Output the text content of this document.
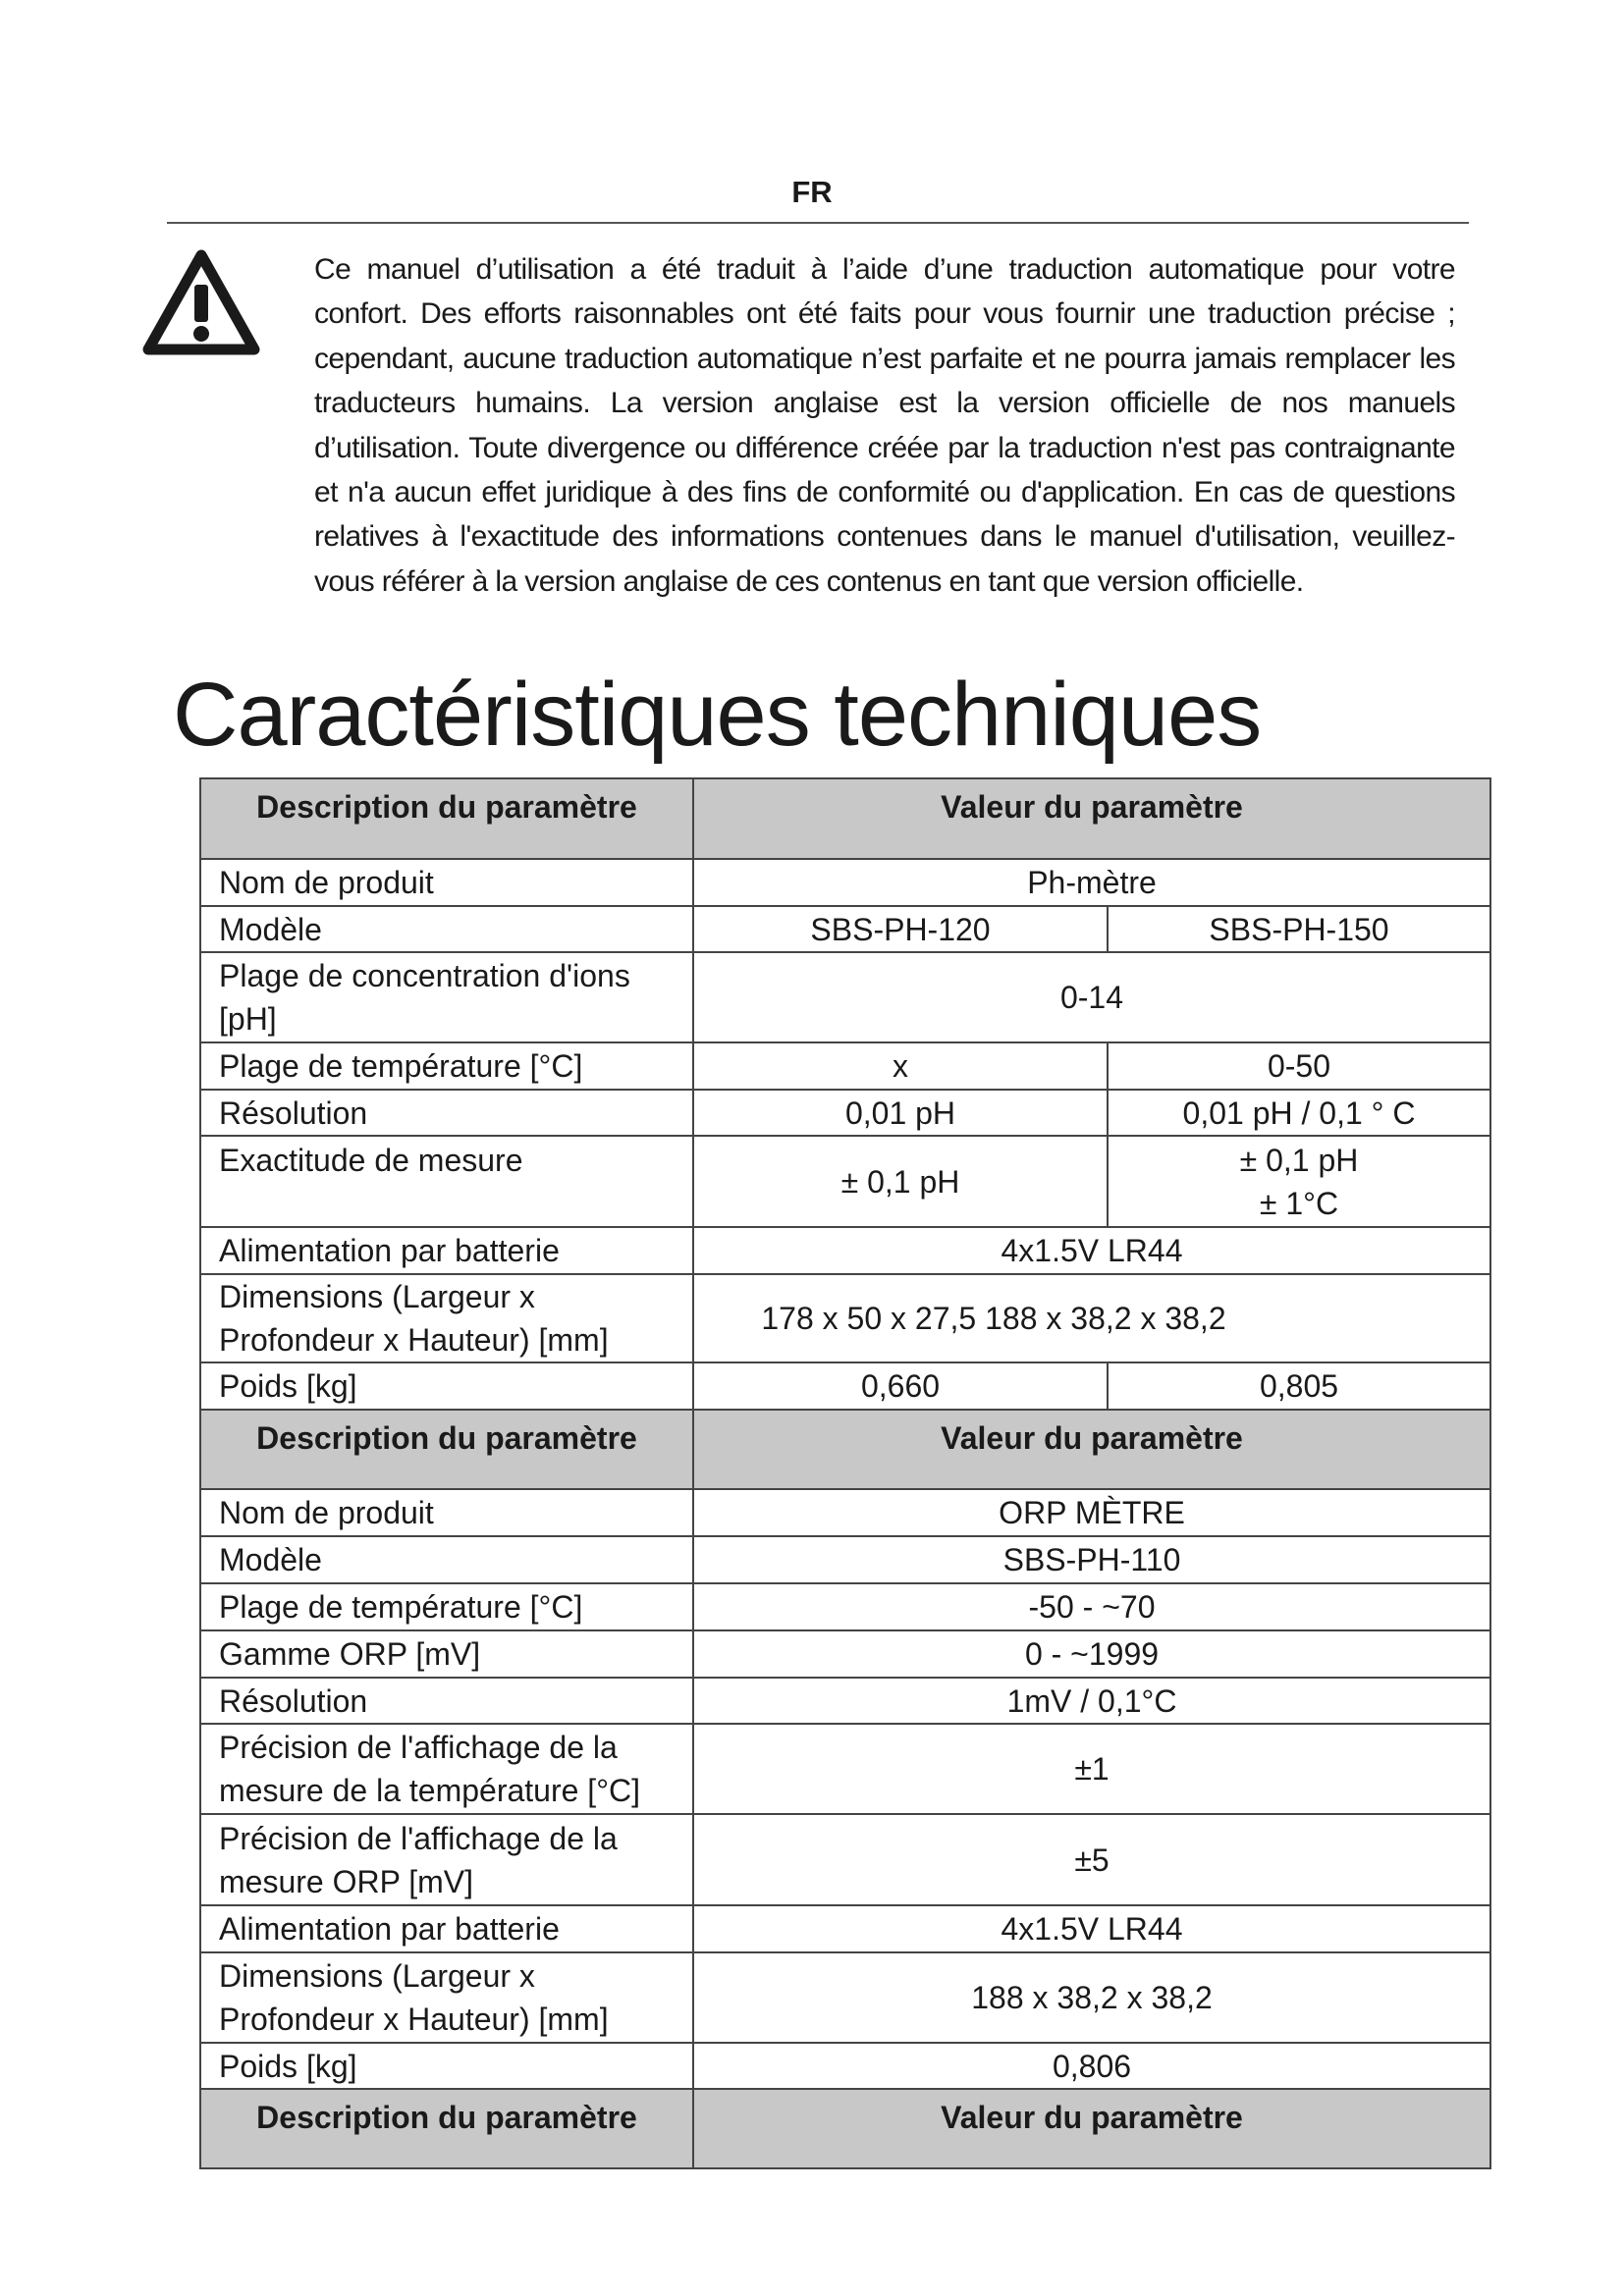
FR
Ce manuel d’utilisation a été traduit à l’aide d’une traduction automatique pour votre confort. Des efforts raisonnables ont été faits pour vous fournir une traduction précise ; cependant, aucune traduction automatique n’est parfaite et ne pourra jamais remplacer les traducteurs humains. La version anglaise est la version officielle de nos manuels d’utilisation. Toute divergence ou différence créée par la traduction n'est pas contraignante et n'a aucun effet juridique à des fins de conformité ou d'application. En cas de questions relatives à l'exactitude des informations contenues dans le manuel d'utilisation, veuillez-vous référer à la version anglaise de ces contenus en tant que version officielle.
Caractéristiques techniques
Description du paramètre	Valeur du paramètre	
Nom de produit	Ph-mètre	
Modèle	SBS-PH-120	SBS-PH-150
Plage de concentration d'ions [pH]	0-14	
Plage de température [°C]	x	0-50
Résolution	0,01 pH	0,01 pH / 0,1 ° C
Exactitude de mesure	± 0,1 pH	± 0,1 pH
± 1°C
Alimentation par batterie	4x1.5V LR44	
Dimensions (Largeur x Profondeur x Hauteur) [mm]	178 x 50 x 27,5 188 x 38,2 x 38,2	
Poids [kg]	0,660	0,805
Description du paramètre	Valeur du paramètre	
Nom de produit	ORP MÈTRE	
Modèle	SBS-PH-110	
Plage de température [°C]	-50 - ~70	
Gamme ORP [mV]	0 - ~1999	
Résolution	1mV / 0,1°C	
Précision de l'affichage de la mesure de la température [°C]	±1	
Précision de l'affichage de la mesure ORP [mV]	±5	
Alimentation par batterie	4x1.5V LR44	
Dimensions (Largeur x Profondeur x Hauteur) [mm]	188 x 38,2 x 38,2	
Poids [kg]	0,806	
Description du paramètre	Valeur du paramètre	
